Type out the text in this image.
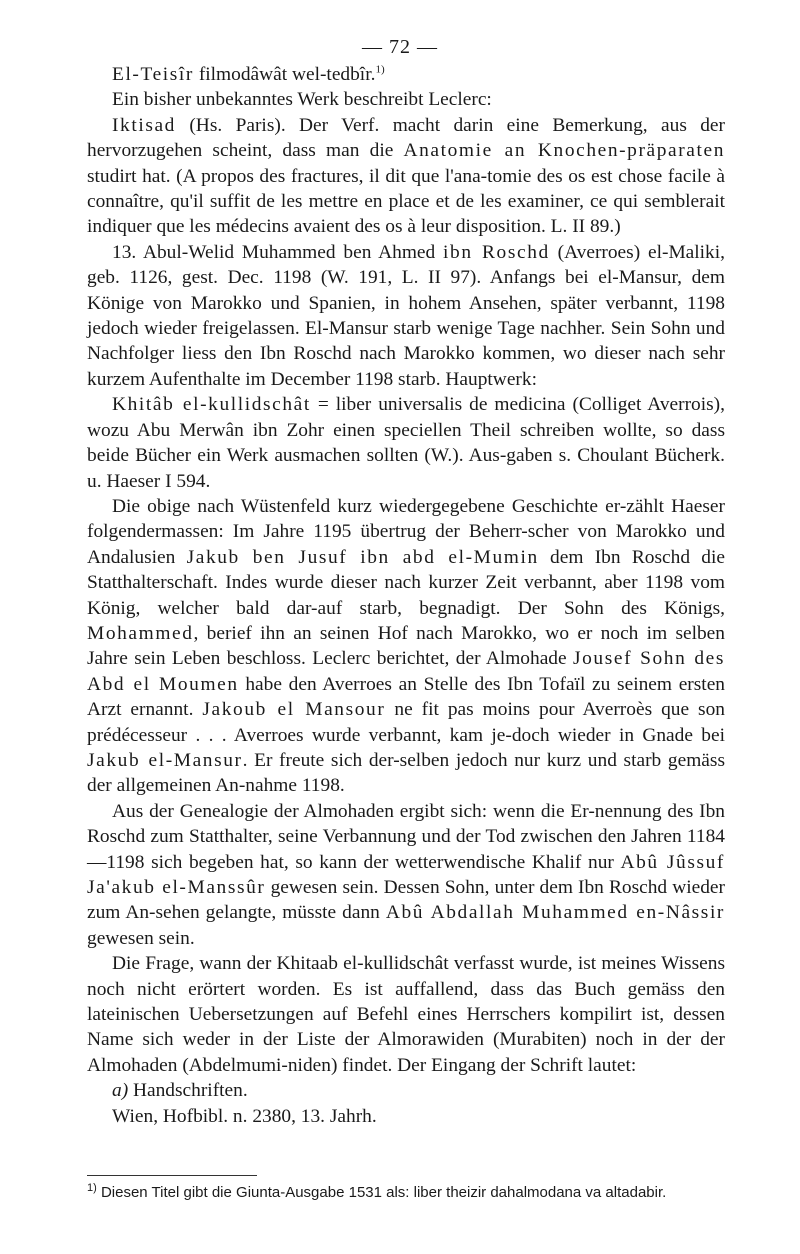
— 72 —

El-Teisîr filmodâwât wel-tedbîr.$^{1)}$

Ein bisher unbekanntes Werk beschreibt Leclerc:

Iktisad (Hs. Paris). Der Verf. macht darin eine Bemerkung, aus der hervorzugehen scheint, dass man die Anatomie an Knochen-präparaten studirt hat. (A propos des fractures, il dit que l'ana-tomie des os est chose facile à connaître, qu'il suffit de les mettre en place et de les examiner, ce qui semblerait indiquer que les médecins avaient des os à leur disposition. L. II 89.)

13. Abul-Welid Muhammed ben Ahmed ibn Roschd (Averroes) el-Maliki, geb. 1126, gest. Dec. 1198 (W. 191, L. II 97). Anfangs bei el-Mansur, dem Könige von Marokko und Spanien, in hohem Ansehen, später verbannt, 1198 jedoch wieder freigelassen. El-Mansur starb wenige Tage nachher. Sein Sohn und Nachfolger liess den Ibn Roschd nach Marokko kommen, wo dieser nach sehr kurzem Aufenthalte im December 1198 starb. Hauptwerk:

Khitâb el-kullidschât = liber universalis de medicina (Colliget Averrois), wozu Abu Merwân ibn Zohr einen speciellen Theil schreiben wollte, so dass beide Bücher ein Werk ausmachen sollten (W.). Aus-gaben s. Choulant Bücherk. u. Haeser I 594.

Die obige nach Wüstenfeld kurz wiedergegebene Geschichte er-zählt Haeser folgendermassen: Im Jahre 1195 übertrug der Beherr-scher von Marokko und Andalusien Jakub ben Jusuf ibn abd el-Mumin dem Ibn Roschd die Statthalterschaft. Indes wurde dieser nach kurzer Zeit verbannt, aber 1198 vom König, welcher bald dar-auf starb, begnadigt. Der Sohn des Königs, Mohammed, berief ihn an seinen Hof nach Marokko, wo er noch im selben Jahre sein Leben beschloss. Leclerc berichtet, der Almohade Jousef Sohn des Abd el Moumen habe den Averroes an Stelle des Ibn Tofaïl zu seinem ersten Arzt ernannt. Jakoub el Mansour ne fit pas moins pour Averroès que son prédécesseur . . . Averroes wurde verbannt, kam je-doch wieder in Gnade bei Jakub el-Mansur. Er freute sich der-selben jedoch nur kurz und starb gemäss der allgemeinen An-nahme 1198.

Aus der Genealogie der Almohaden ergibt sich: wenn die Er-nennung des Ibn Roschd zum Statthalter, seine Verbannung und der Tod zwischen den Jahren 1184—1198 sich begeben hat, so kann der wetterwendische Khalif nur Abû Jûssuf Ja'akub el-Manssûr gewesen sein. Dessen Sohn, unter dem Ibn Roschd wieder zum An-sehen gelangte, müsste dann Abû Abdallah Muhammed en-Nâssir gewesen sein.

Die Frage, wann der Khitaab el-kullidschât verfasst wurde, ist meines Wissens noch nicht erörtert worden. Es ist auffallend, dass das Buch gemäss den lateinischen Uebersetzungen auf Befehl eines Herrschers kompilirt ist, dessen Name sich weder in der Liste der Almorawiden (Murabiten) noch in der der Almohaden (Abdelmumi-niden) findet. Der Eingang der Schrift lautet:

a) Handschriften.

Wien, Hofbibl. n. 2380, 13. Jahrh.

$^{1)}$ Diesen Titel gibt die Giunta-Ausgabe 1531 als: liber theizir dahalmodana va altadabir.
